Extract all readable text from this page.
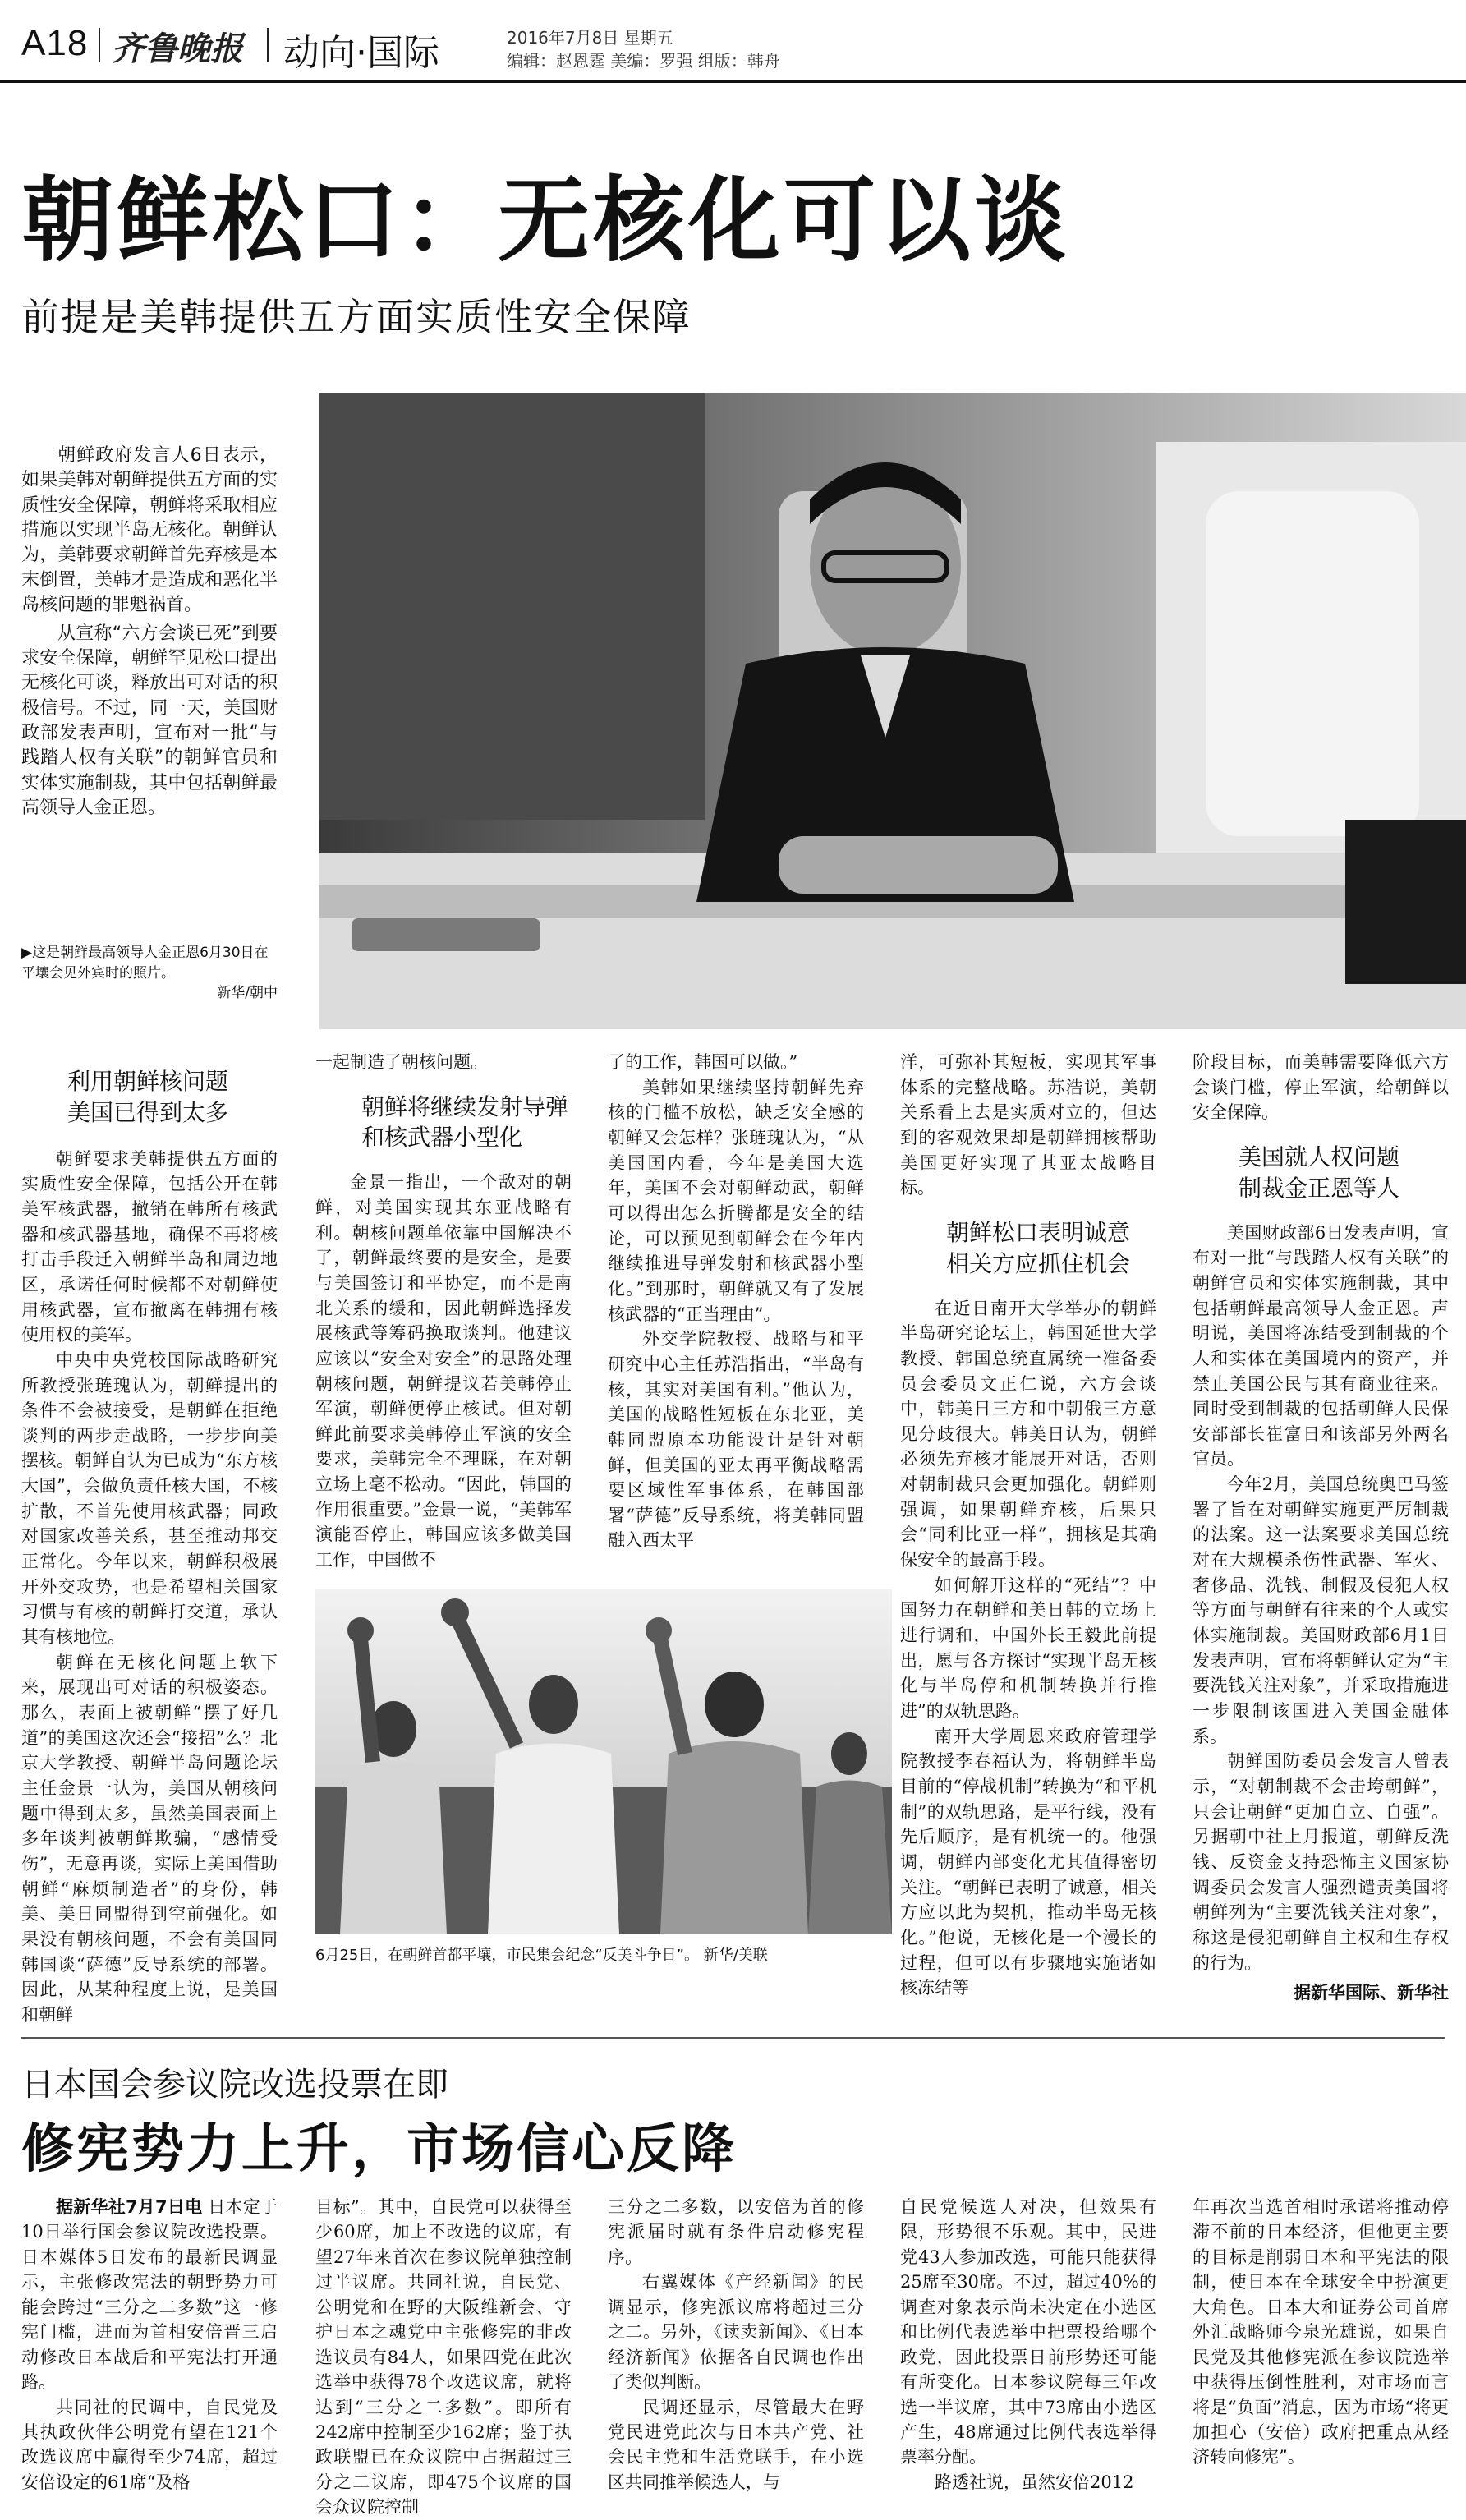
A18 齐鲁晚报 动向·国际	2016年7月8日 星期五
编辑：赵恩霆 美编：罗强 组版：韩舟
朝鲜松口：无核化可以谈
前提是美韩提供五方面实质性安全保障

朝鲜政府发言人6日表示，如果美韩对朝鲜提供五方面的实质性安全保障，朝鲜将采取相应措施以实现半岛无核化。朝鲜认为，美韩要求朝鲜首先弃核是本末倒置，美韩才是造成和恶化半岛核问题的罪魁祸首。

从宣称“六方会谈已死”到要求安全保障，朝鲜罕见松口提出无核化可谈，释放出可对话的积极信号。不过，同一天，美国财政部发表声明，宣布对一批“与践踏人权有关联”的朝鲜官员和实体实施制裁，其中包括朝鲜最高领导人金正恩。

▶这是朝鲜最高领导人金正恩6月30日在平壤会见外宾时的照片。
新华/朝中

利用朝鲜核问题

美国已得到太多

朝鲜要求美韩提供五方面的实质性安全保障，包括公开在韩美军核武器，撤销在韩所有核武器和核武器基地，确保不再将核打击手段迁入朝鲜半岛和周边地区，承诺任何时候都不对朝鲜使用核武器，宣布撤离在韩拥有核使用权的美军。

中央中央党校国际战略研究所教授张琏瑰认为，朝鲜提出的条件不会被接受，是朝鲜在拒绝谈判的两步走战略，一步步向美摆核。朝鲜自认为已成为“东方核大国”，会做负责任核大国，不核扩散，不首先使用核武器；同政对国家改善关系，甚至推动邦交正常化。今年以来，朝鲜积极展开外交攻势，也是希望相关国家习惯与有核的朝鲜打交道，承认其有核地位。

朝鲜在无核化问题上软下来，展现出可对话的积极姿态。那么，表面上被朝鲜“摆了好几道”的美国这次还会“接招”么？北京大学教授、朝鲜半岛问题论坛主任金景一认为，美国从朝核问题中得到太多，虽然美国表面上多年谈判被朝鲜欺骗，“感情受伤”，无意再谈，实际上美国借助朝鲜“麻烦制造者”的身份，韩美、美日同盟得到空前强化。如果没有朝核问题，不会有美国同韩国谈“萨德”反导系统的部署。因此，从某种程度上说，是美国和朝鲜

一起制造了朝核问题。

朝鲜将继续发射导弹

和核武器小型化

金景一指出，一个敌对的朝鲜，对美国实现其东亚战略有利。朝核问题单依靠中国解决不了，朝鲜最终要的是安全，是要与美国签订和平协定，而不是南北关系的缓和，因此朝鲜选择发展核武等筹码换取谈判。他建议应该以“安全对安全”的思路处理朝核问题，朝鲜提议若美韩停止军演，朝鲜便停止核试。但对朝鲜此前要求美韩停止军演的安全要求，美韩完全不理睬，在对朝立场上毫不松动。“因此，韩国的作用很重要。”金景一说，“美韩军演能否停止，韩国应该多做美国工作，中国做不

6月25日，在朝鲜首都平壤，市民集会纪念“反美斗争日”。 新华/美联

了的工作，韩国可以做。”

美韩如果继续坚持朝鲜先弃核的门槛不放松，缺乏安全感的朝鲜又会怎样？张琏瑰认为，“从美国国内看，今年是美国大选年，美国不会对朝鲜动武，朝鲜可以得出怎么折腾都是安全的结论，可以预见到朝鲜会在今年内继续推进导弹发射和核武器小型化。”到那时，朝鲜就又有了发展核武器的“正当理由”。

外交学院教授、战略与和平研究中心主任苏浩指出，“半岛有核，其实对美国有利。”他认为，美国的战略性短板在东北亚，美韩同盟原本功能设计是针对朝鲜，但美国的亚太再平衡战略需要区域性军事体系，在韩国部署“萨德”反导系统，将美韩同盟融入西太平

洋，可弥补其短板，实现其军事体系的完整战略。苏浩说，美朝关系看上去是实质对立的，但达到的客观效果却是朝鲜拥核帮助美国更好实现了其亚太战略目标。

朝鲜松口表明诚意

相关方应抓住机会

在近日南开大学举办的朝鲜半岛研究论坛上，韩国延世大学教授、韩国总统直属统一准备委员会委员文正仁说，六方会谈中，韩美日三方和中朝俄三方意见分歧很大。韩美日认为，朝鲜必须先弃核才能展开对话，否则对朝制裁只会更加强化。朝鲜则强调，如果朝鲜弃核，后果只会“同利比亚一样”，拥核是其确保安全的最高手段。

如何解开这样的“死结”？中国努力在朝鲜和美日韩的立场上进行调和，中国外长王毅此前提出，愿与各方探讨“实现半岛无核化与半岛停和机制转换并行推进”的双轨思路。

南开大学周恩来政府管理学院教授李春福认为，将朝鲜半岛目前的“停战机制”转换为“和平机制”的双轨思路，是平行线，没有先后顺序，是有机统一的。他强调，朝鲜内部变化尤其值得密切关注。“朝鲜已表明了诚意，相关方应以此为契机，推动半岛无核化。”他说，无核化是一个漫长的过程，但可以有步骤地实施诸如核冻结等

阶段目标，而美韩需要降低六方会谈门槛，停止军演，给朝鲜以安全保障。

美国就人权问题

制裁金正恩等人

美国财政部6日发表声明，宣布对一批“与践踏人权有关联”的朝鲜官员和实体实施制裁，其中包括朝鲜最高领导人金正恩。声明说，美国将冻结受到制裁的个人和实体在美国境内的资产，并禁止美国公民与其有商业往来。同时受到制裁的包括朝鲜人民保安部部长崔富日和该部另外两名官员。

今年2月，美国总统奥巴马签署了旨在对朝鲜实施更严厉制裁的法案。这一法案要求美国总统对在大规模杀伤性武器、军火、奢侈品、洗钱、制假及侵犯人权等方面与朝鲜有往来的个人或实体实施制裁。美国财政部6月1日发表声明，宣布将朝鲜认定为“主要洗钱关注对象”，并采取措施进一步限制该国进入美国金融体系。

朝鲜国防委员会发言人曾表示，“对朝制裁不会击垮朝鲜”，只会让朝鲜“更加自立、自强”。另据朝中社上月报道，朝鲜反洗钱、反资金支持恐怖主义国家协调委员会发言人强烈谴责美国将朝鲜列为“主要洗钱关注对象”，称这是侵犯朝鲜自主权和生存权的行为。

据新华国际、新华社

日本国会参议院改选投票在即
修宪势力上升，市场信心反降

据新华社7月7日电 日本定于10日举行国会参议院改选投票。日本媒体5日发布的最新民调显示，主张修改宪法的朝野势力可能会跨过“三分之二多数”这一修宪门槛，进而为首相安倍晋三启动修改日本战后和平宪法打开通路。

共同社的民调中，自民党及其执政伙伴公明党有望在121个改选议席中赢得至少74席，超过安倍设定的61席“及格

目标”。其中，自民党可以获得至少60席，加上不改选的议席，有望27年来首次在参议院单独控制过半议席。共同社说，自民党、公明党和在野的大阪维新会、守护日本之魂党中主张修宪的非改选议员有84人，如果四党在此次选举中获得78个改选议席，就将达到“三分之二多数”。即所有242席中控制至少162席；鉴于执政联盟已在众议院中占据超过三分之二议席，即475个议席的国会众议院控制

三分之二多数，以安倍为首的修宪派届时就有条件启动修宪程序。

右翼媒体《产经新闻》的民调显示，修宪派议席将超过三分之二。另外，《读卖新闻》、《日本经济新闻》依据各自民调也作出了类似判断。

民调还显示，尽管最大在野党民进党此次与日本共产党、社会民主党和生活党联手，在小选区共同推举候选人，与

自民党候选人对决，但效果有限，形势很不乐观。其中，民进党43人参加改选，可能只能获得25席至30席。不过，超过40%的调查对象表示尚未决定在小选区和比例代表选举中把票投给哪个政党，因此投票日前形势还可能有所变化。日本参议院每三年改选一半议席，其中73席由小选区产生，48席通过比例代表选举得票率分配。

路透社说，虽然安倍2012

年再次当选首相时承诺将推动停滞不前的日本经济，但他更主要的目标是削弱日本和平宪法的限制，使日本在全球安全中扮演更大角色。日本大和证券公司首席外汇战略师今泉光雄说，如果自民党及其他修宪派在参议院选举中获得压倒性胜利，对市场而言将是“负面”消息，因为市场“将更加担心（安倍）政府把重点从经济转向修宪”。
